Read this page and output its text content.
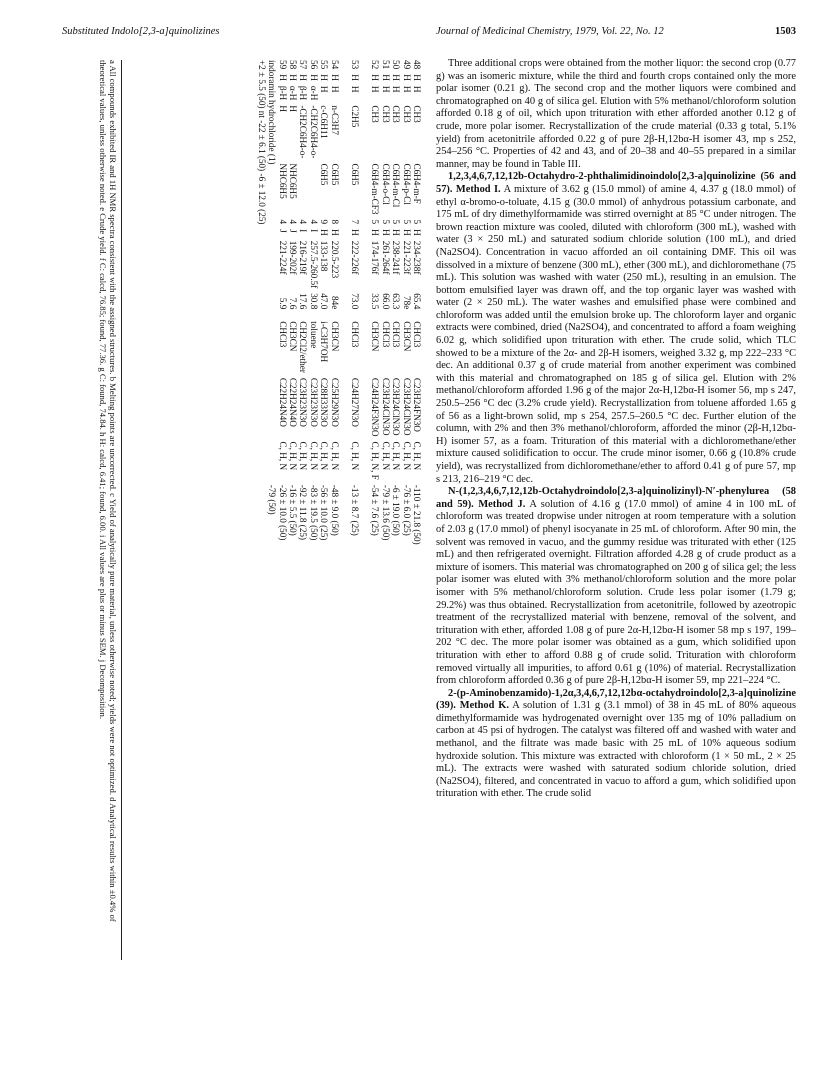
Substituted Indolo[2,3-a]quinolizines	Journal of Medicinal Chemistry, 1979, Vol. 22, No. 12	1503
48	H	H	CH3	C6H4-m-F	5	H	234-238f	65.4	CHCl3	C23H24FN3O	C, H, N	-110 ± 21.8 (50)
49	H	H	CH3	C6H4-p-Cl	5	H	221-223f	78e	CH3CN	C23H24ClN3O	C, H, N	-76 ± 6.0 (25)
50	H	H	CH3	C6H4-m-Cl	5	H	238-241f	63.3	CHCl3	C23H24ClN3O	C, H, N	-6 ± 19.0 (50)
51	H	H	CH3	C6H4-o-Cl	5	H	261-264f	66.0	CHCl3	C23H24ClN3O	C, H, N	-79 ± 13.6 (50)
52	H	H	CH3	C6H4-m-CF3	5	H	174-176f	33.5	CH3CN	C24H24F3N3O	C, H, N, F	-54 ± 7.6 (25)
53	H	H	C2H5	C6H5	7	H	222-226f	73.0	CHCl3	C24H27N3O	C, H, N	-13 ± 8.7 (25)
54	H	H	n-C3H7	C6H5	8	H	220.5-223	84e	CH3CN	C25H29N3O	C, H, N	-48 ± 9.0 (50)
55	H	H	c-C6H11	C6H5	9	H	133-138	47.0	i-C3H7OH	C28H33N3O	C, H, N	-56 ± 10.0 (25)
56	H	α-H	-CH2C6H4-o-		4	I	257.5-260.5f	30.8	toluene	C23H23N3O	C, H, N	-83 ± 19.5 (50)
57	H	β-H	-CH2C6H4-o-		4	I	216-219f	17.6	CH2Cl2/ether	C23H23N3O	C, H, N	-92 ± 11.8 (25)
58	H	α-H	H	NHC6H5	4	J	199-202f	7.6	CH3CN	C22H24N4O	C, H, N	-16 ± 5.5 (50)
59	H	β-H	H	NHC6H5	4	J	221-224f	5.9	CHCl3	C22H24N4O	C, H, N	-26 ± 10.0 (50)
indoramin hydrochloride (1)												-79 (50)
+2 ± 5.5 (50) nt -22 ± 6.1 (50) -6 ± 12.0 (25)												
a All compounds exhibited IR and 1H NMR spectra consistent with the assigned structures. b Melting points are uncorrected. c Yield of analytically pure material, unless otherwise noted; yields were not optimized. d Analytical results within ±0.4% of theoretical values, unless otherwise noted. e Crude yield. f C: calcd, 76.85; found, 77.36. g C: found, 74.84. h H: calcd, 6.41; found, 6.00. i All values are plus or minus SEM. j Decomposition.	Three additional crops were obtained from the mother liquor: the second crop (0.77 g) was an isomeric mixture, while the third and fourth crops contained only the more polar isomer (0.21 g). The second crop and the mother liquors were combined and chromatographed on 40 g of silica gel. Elution with 5% methanol/chloroform solution afforded 0.18 g of oil, which upon trituration with ether afforded another 0.12 g of crude, more polar isomer. Recrystallization of the crude material (0.33 g total, 5.1% yield) from acetonitrile afforded 0.22 g of pure 2β-H,12bα-H isomer 43, mp s 252, 254–256 °C. Properties of 42 and 43, and of 20–38 and 40–55 prepared in a similar manner, may be found in Table III.

1,2,3,4,6,7,12,12b-Octahydro-2-phthalimidinoindolo[2,3-a]quinolizine (56 and 57). Method I. A mixture of 3.62 g (15.0 mmol) of amine 4, 4.37 g (18.0 mmol) of ethyl α-bromo-o-toluate, 4.15 g (30.0 mmol) of anhydrous potassium carbonate, and 175 mL of dry dimethylformamide was stirred overnight at 85 °C under nitrogen. The brown reaction mixture was cooled, diluted with chloroform (300 mL), washed with water (3 × 250 mL) and saturated sodium chloride solution (100 mL), and dried (Na2SO4). Concentration in vacuo afforded an oil containing DMF. This oil was dissolved in a mixture of benzene (300 mL), ether (300 mL), and dichloromethane (75 mL). This solution was washed with water (250 mL), resulting in an emulsion. The bottom emulsified layer was drawn off, and the top organic layer was washed with water (2 × 250 mL). The water washes and emulsified phase were combined and chloroform was added until the emulsion broke up. The chloroform layer and organic extracts were combined, dried (Na2SO4), and concentrated to afford a foam weighing 6.02 g, which solidified upon trituration with ether. The crude solid, which TLC showed to be a mixture of the 2α- and 2β-H isomers, weighed 3.32 g, mp 222–233 °C dec. An additional 0.37 g of crude material from another experiment was combined with this material and chromatographed on 185 g of silica gel. Elution with 2% methanol/chloroform afforded 1.96 g of the major 2α-H,12bα-H isomer 56, mp s 247, 250.5–256 °C dec (3.2% crude yield). Recrystallization from toluene afforded 1.65 g of 56 as a light-brown solid, mp s 254, 257.5–260.5 °C dec. Further elution of the column, with 2% and then 3% methanol/chloroform, afforded the minor (2β-H,12bα-H) isomer 57, as a foam. Trituration of this material with a dichloromethane/ether mixture caused solidification to occur. The crude minor isomer, 0.66 g (10.8% crude yield), was recrystallized from dichloromethane/ether to afford 0.41 g of pure 57, mp s 213, 216–219 °C dec.

N-(1,2,3,4,6,7,12,12b-Octahydroindolo[2,3-a]quinolizinyl)-N′-phenylurea (58 and 59). Method J. A solution of 4.16 g (17.0 mmol) of amine 4 in 100 mL of chloroform was treated dropwise under nitrogen at room temperature with a solution of 2.03 g (17.0 mmol) of phenyl isocyanate in 25 mL of chloroform. After 90 min, the solvent was removed in vacuo, and the gummy residue was triturated with ether (125 mL) and then refrigerated overnight. Filtration afforded 4.28 g of crude product as a mixture of isomers. This material was chromatographed on 200 g of silica gel; the less polar isomer was eluted with 3% methanol/chloroform solution and the more polar isomer with 5% methanol/chloroform solution. Crude less polar isomer (1.79 g; 29.2%) was thus obtained. Recrystallization from acetonitrile, followed by azeotropic treatment of the recrystallized material with benzene, removal of the solvent, and trituration with ether, afforded 1.08 g of pure 2α-H,12bα-H isomer 58 mp s 197, 199–202 °C dec. The more polar isomer was obtained as a gum, which solidified upon trituration with ether to afford 0.88 g of crude solid. Trituration with chloroform removed virtually all impurities, to afford 0.61 g (10%) of material. Recrystallization from chloroform afforded 0.36 g of pure 2β-H,12bα-H isomer 59, mp 221–224 °C.

2-(p-Aminobenzamido)-1,2α,3,4,6,7,12,12bα-octahydroindolo[2,3-a]quinolizine (39). Method K. A solution of 1.31 g (3.1 mmol) of 38 in 45 mL of 80% aqueous dimethylformamide was hydrogenated overnight over 135 mg of 10% palladium on carbon at 45 psi of hydrogen. The catalyst was filtered off and washed with water and methanol, and the filtrate was made basic with 25 mL of 10% aqueous sodium hydroxide solution. This mixture was extracted with chloroform (1 × 50 mL, 2 × 25 mL). The extracts were washed with saturated sodium chloride solution, dried (Na2SO4), filtered, and concentrated in vacuo to afford a gum, which solidified upon trituration with ether. The crude solid
